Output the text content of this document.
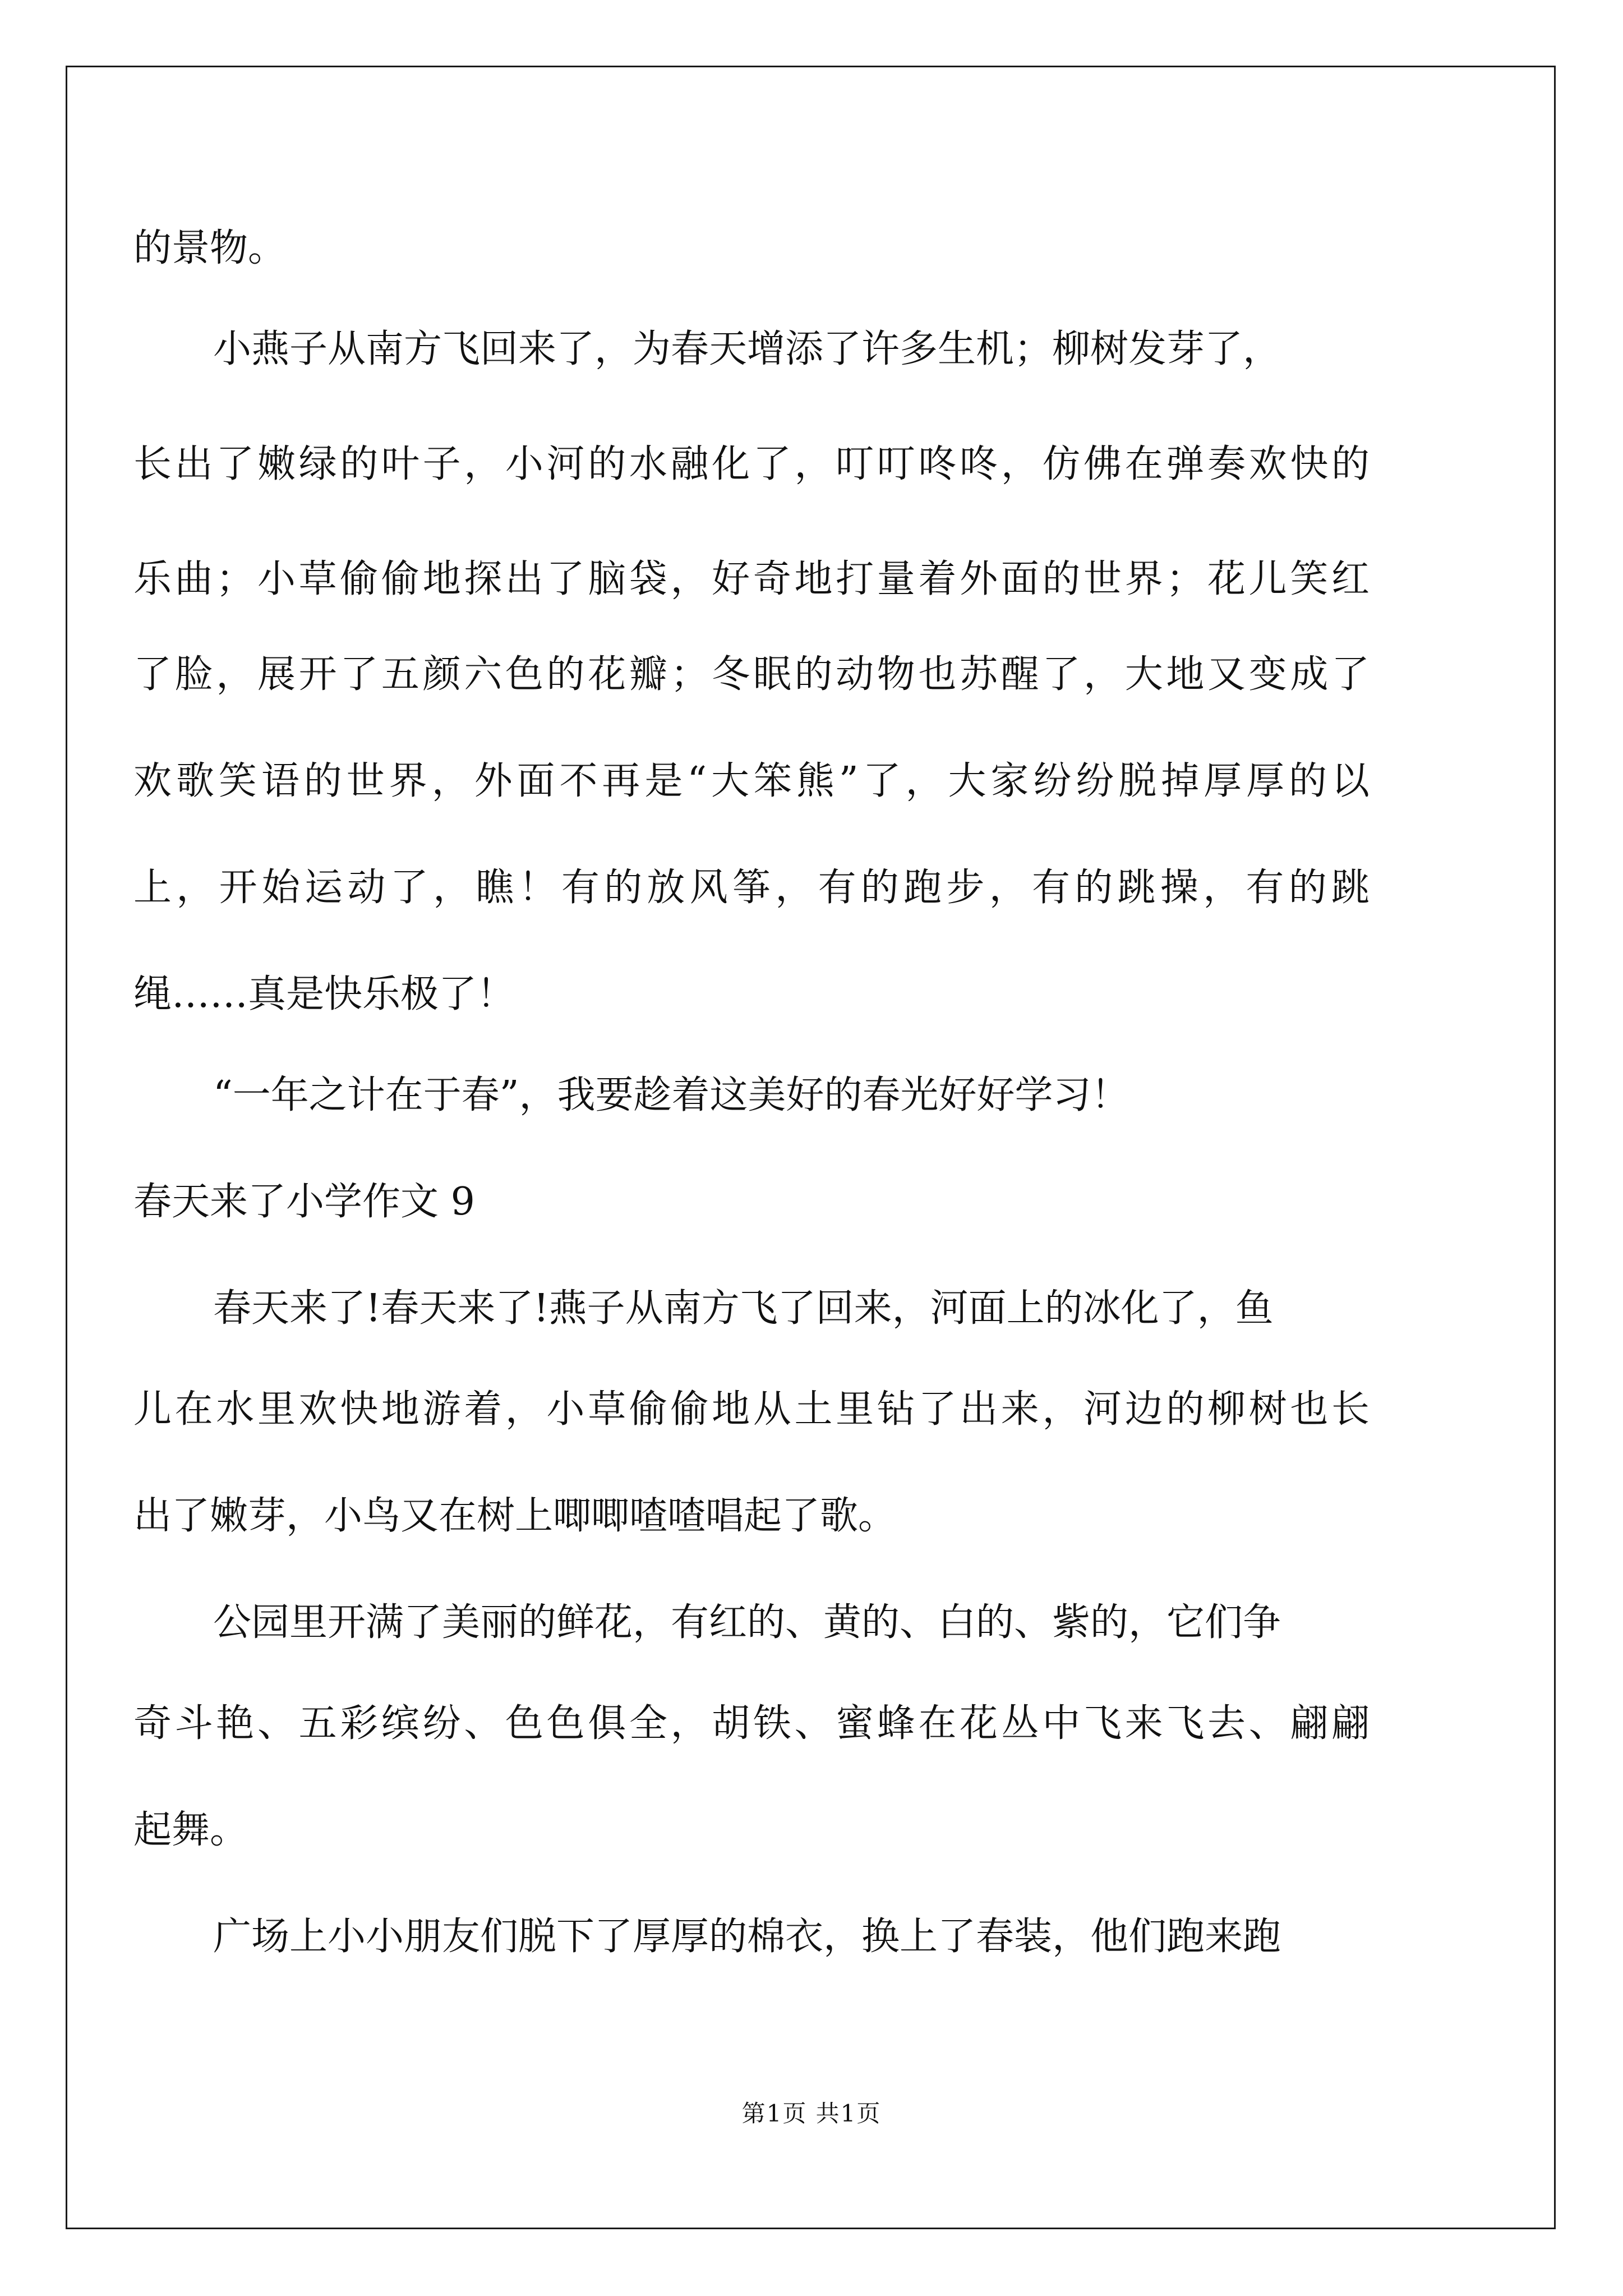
的景物。

小燕子从南方飞回来了，为春天增添了许多生机；柳树发芽了，

长出了嫩绿的叶子，小河的水融化了，叮叮咚咚，仿佛在弹奏欢快的

乐曲；小草偷偷地探出了脑袋，好奇地打量着外面的世界；花儿笑红

了脸，展开了五颜六色的花瓣；冬眠的动物也苏醒了，大地又变成了

欢歌笑语的世界，外面不再是“大笨熊”了，大家纷纷脱掉厚厚的以

上，开始运动了，瞧！有的放风筝，有的跑步，有的跳操，有的跳

绳……真是快乐极了！

“一年之计在于春”，我要趁着这美好的春光好好学习！

春天来了小学作文 9

春天来了!春天来了!燕子从南方飞了回来，河面上的冰化了，鱼

儿在水里欢快地游着，小草偷偷地从土里钻了出来，河边的柳树也长

出了嫩芽，小鸟又在树上唧唧喳喳唱起了歌。

公园里开满了美丽的鲜花，有红的、黄的、白的、紫的，它们争

奇斗艳、五彩缤纷、色色俱全，胡铁、蜜蜂在花丛中飞来飞去、翩翩

起舞。

广场上小小朋友们脱下了厚厚的棉衣，换上了春装，他们跑来跑

第1页 共1页
